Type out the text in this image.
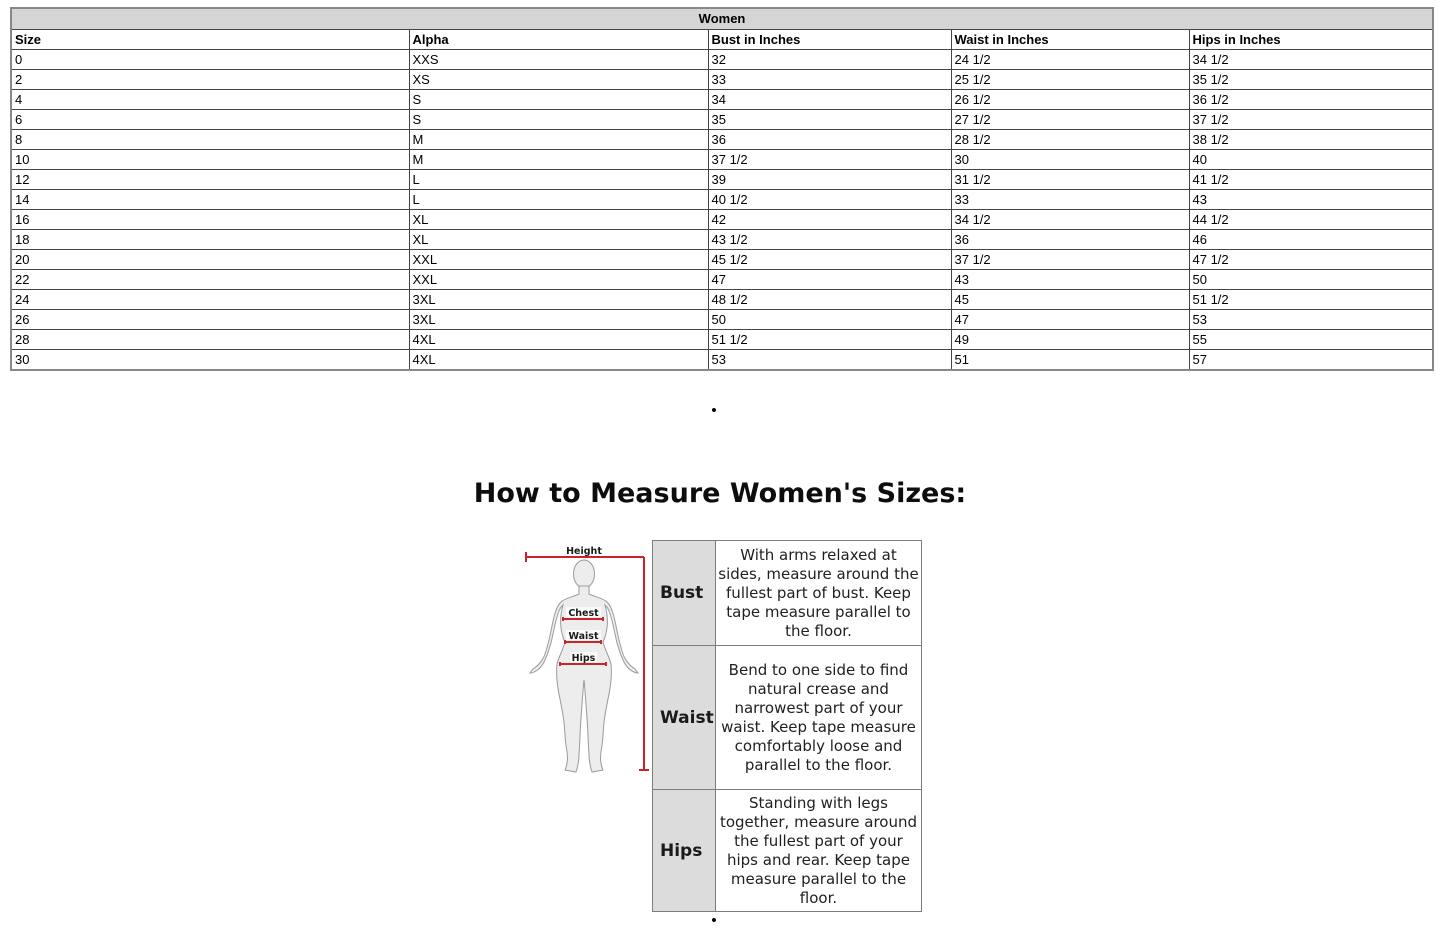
Women				
Size	Alpha	Bust in Inches	Waist in Inches	Hips in Inches
0	XXS	32	24 1/2	34 1/2
2	XS	33	25 1/2	35 1/2
4	S	34	26 1/2	36 1/2
6	S	35	27 1/2	37 1/2
8	M	36	28 1/2	38 1/2
10	M	37 1/2	30	40
12	L	39	31 1/2	41 1/2
14	L	40 1/2	33	43
16	XL	42	34 1/2	44 1/2
18	XL	43 1/2	36	46
20	XXL	45 1/2	37 1/2	47 1/2
22	XXL	47	43	50
24	3XL	48 1/2	45	51 1/2
26	3XL	50	47	53
28	4XL	51 1/2	49	55
30	4XL	53	51	57
•
How to Measure Women's Sizes:
Height
Chest
Waist
Hips
Bust	With arms relaxed at sides, measure around the fullest part of bust. Keep tape measure parallel to the floor.
Waist	Bend to one side to find natural crease and narrowest part of your waist. Keep tape measure comfortably loose and parallel to the floor.
Hips	Standing with legs together, measure around the fullest part of your hips and rear. Keep tape measure parallel to the floor.
•
